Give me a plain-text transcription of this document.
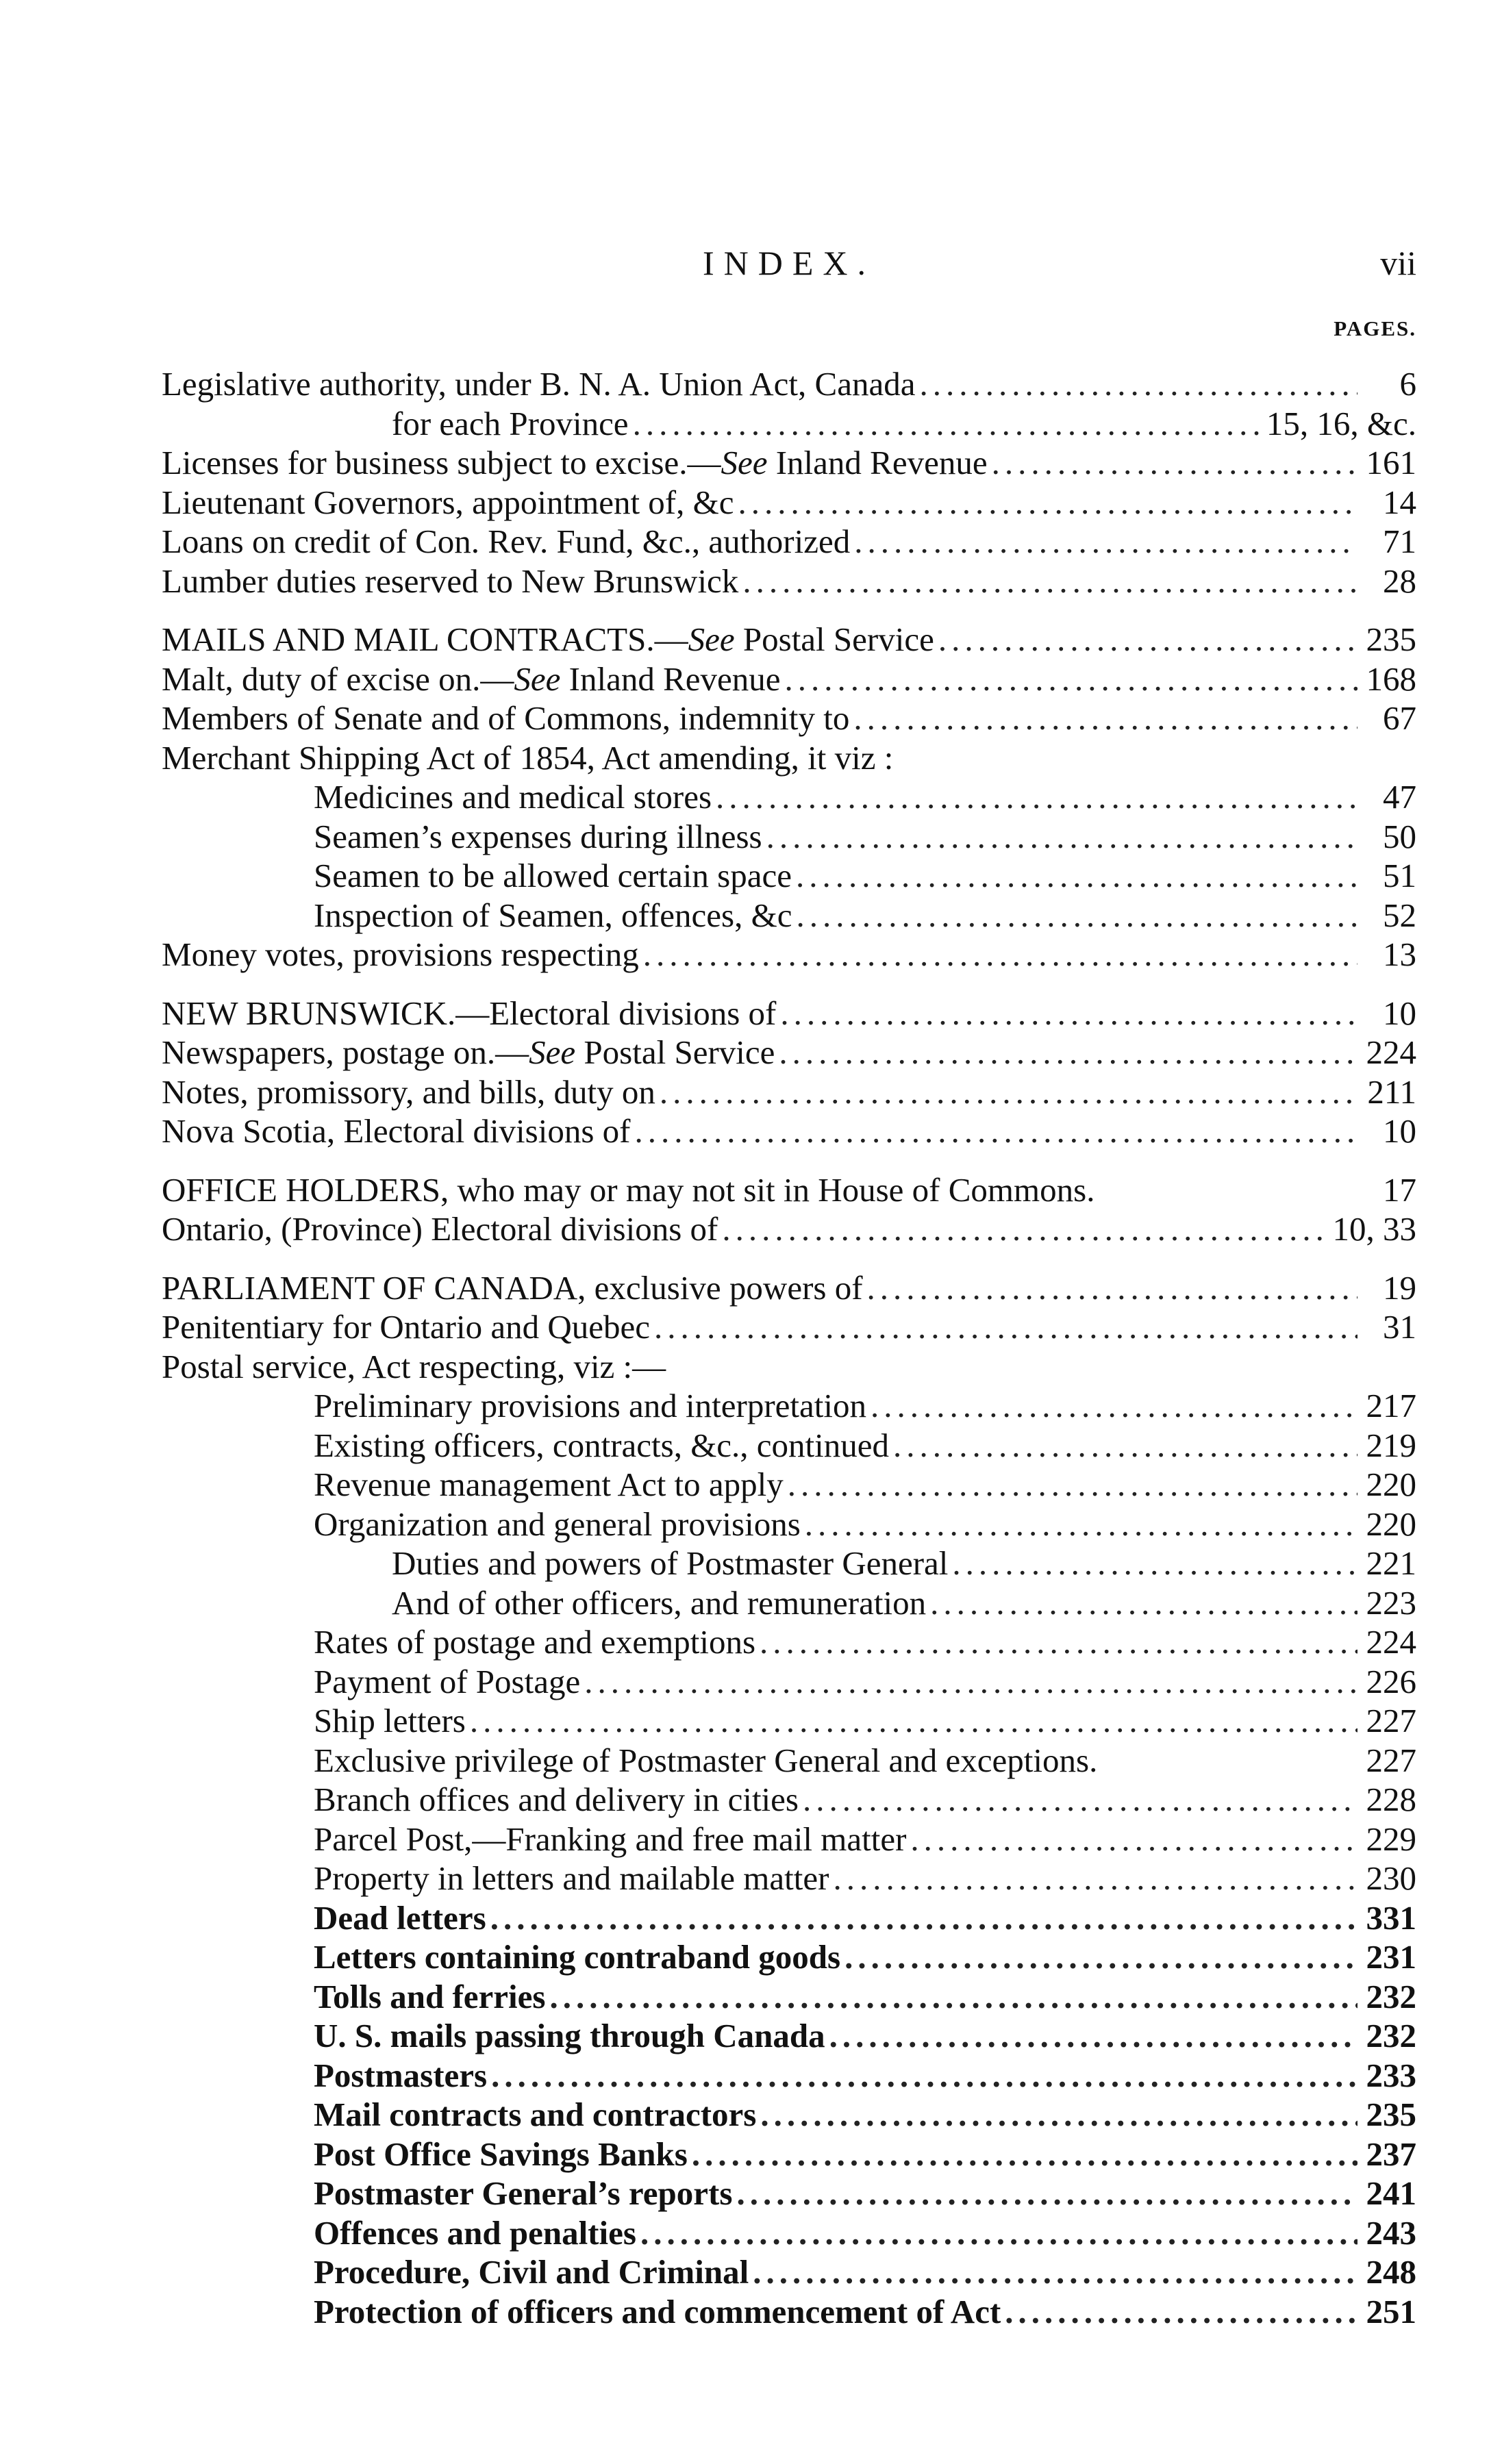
INDEX.	vii
PAGES.
Legislative authority, under B. N. A. Union Act, Canada .....	6
for each Province .....	15, 16, &c.
Licenses for business subject to excise.—See Inland Revenue .....	161
Lieutenant Governors, appointment of, &c .....	14
Loans on credit of Con. Rev. Fund, &c., authorized .....	71
Lumber duties reserved to New Brunswick .....	28
MAILS AND MAIL CONTRACTS.—See Postal Service .....	235
Malt, duty of excise on.—See Inland Revenue .....	168
Members of Senate and of Commons, indemnity to .....	67
Merchant Shipping Act of 1854, Act amending, it viz :
Medicines and medical stores .....	47
Seamen’s expenses during illness .....	50
Seamen to be allowed certain space .....	51
Inspection of Seamen, offences, &c .....	52
Money votes, provisions respecting .....	13
NEW BRUNSWICK.—Electoral divisions of .....	10
Newspapers, postage on.—See Postal Service .....	224
Notes, promissory, and bills, duty on .....	211
Nova Scotia, Electoral divisions of .....	10
OFFICE HOLDERS, who may or may not sit in House of Commons.	17
Ontario, (Province) Electoral divisions of .....	10, 33
PARLIAMENT OF CANADA, exclusive powers of .....	19
Penitentiary for Ontario and Quebec .....	31
Postal service, Act respecting, viz :—
Preliminary provisions and interpretation .....	217
Existing officers, contracts, &c., continued .....	219
Revenue management Act to apply .....	220
Organization and general provisions .....	220
Duties and powers of Postmaster General .....	221
And of other officers, and remuneration .....	223
Rates of postage and exemptions .....	224
Payment of Postage .....	226
Ship letters .....	227
Exclusive privilege of Postmaster General and exceptions.	227
Branch offices and delivery in cities .....	228
Parcel Post,—Franking and free mail matter .....	229
Property in letters and mailable matter .....	230
Dead letters .....	331
Letters containing contraband goods .....	231
Tolls and ferries .....	232
U. S. mails passing through Canada .....	232
Postmasters .....	233
Mail contracts and contractors .....	235
Post Office Savings Banks .....	237
Postmaster General’s reports .....	241
Offences and penalties .....	243
Procedure, Civil and Criminal .....	248
Protection of officers and commencement of Act .....	251
